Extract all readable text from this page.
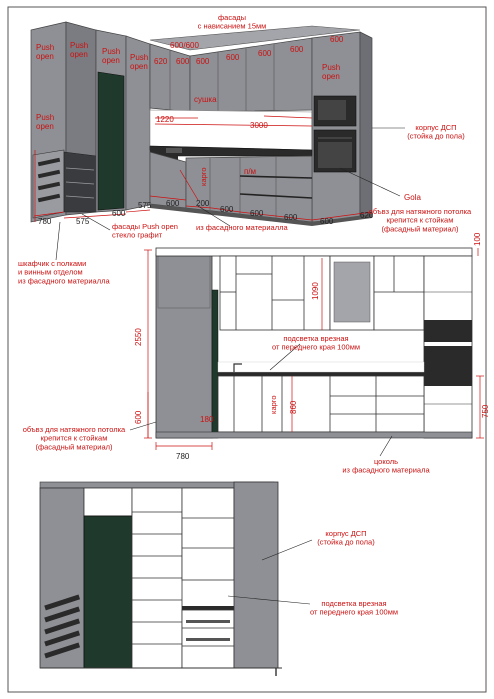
Push open
Push open Push open Push open
Push open
Push open
фасады с нависанием 15мм
600/600
620	600 600 600 600
600
600
сушка
1220
3000	корпус ДСП (стойка до пола)
карго	п/м
Gola
780	575
600
575 600 200
600 600	600	600
620
фасады Push open стекло графит
из фасадного материалла
шкафчик с полками и винным отделом из фасадного материалла
объвз для натяжного потолка крепится к стойкам (фасадный материал)
100
2550
1090
600	180
780
860	750
карго
подсветка врезная от переднего края 100мм
объвз для натяжного потолка крепится к стойкам (фасадный материал)
цоколь из фасадного материала
корпус ДСП (стойка до пола)
подсветка врезная от переднего края 100мм
